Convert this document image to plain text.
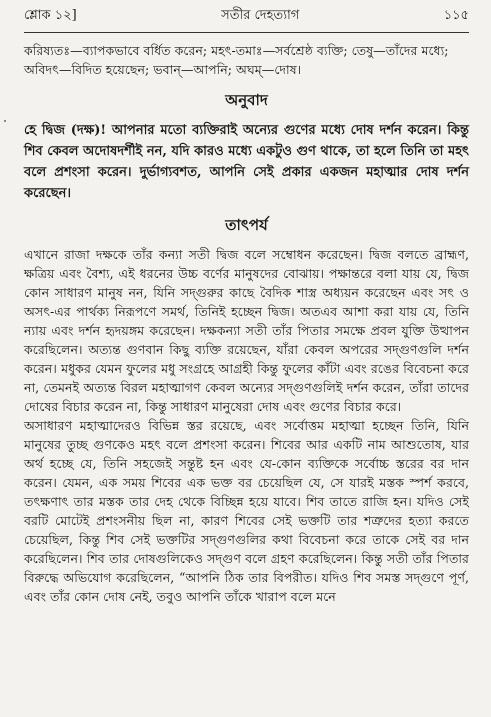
শ্লোক ১২]	সতীর দেহত্যাগ	১১৫

করিষ্যতঃ—ব্যাপকভাবে বর্ধিত করেন; মহৎ-তমাঃ—সর্বশ্রেষ্ঠ ব্যক্তি; তেষু—তাঁদের মধ্যে; অবিদৎ—বিদিত হয়েছেন; ভবান্—আপনি; অঘম্—দোষ।

অনুবাদ

হে দ্বিজ (দক্ষ)! আপনার মতো ব্যক্তিরাই অন্যের গুণের মধ্যে দোষ দর্শন করেন। কিন্তু শিব কেবল অদোষদর্শীই নন, যদি কারও মধ্যে একটুও গুণ থাকে, তা হলে তিনি তা মহৎ বলে প্রশংসা করেন। দুর্ভাগ্যবশত, আপনি সেই প্রকার একজন মহাত্মার দোষ দর্শন করেছেন।

তাৎপর্য

এখানে রাজা দক্ষকে তাঁর কন্যা সতী দ্বিজ বলে সম্বোধন করেছেন। দ্বিজ বলতে ব্রাহ্মণ, ক্ষত্রিয় এবং বৈশ্য, এই ধরনের উচ্চ বর্ণের মানুষদের বোঝায়। পক্ষান্তরে বলা যায় যে, দ্বিজ কোন সাধারণ মানুষ নন, যিনি সদ্গুরুর কাছে বৈদিক শাস্ত্র অধ্যয়ন করেছেন এবং সৎ ও অসৎ-এর পার্থক্য নিরূপণে সমর্থ, তিনিই হচ্ছেন দ্বিজ। অতএব আশা করা যায় যে, তিনি ন্যায় এবং দর্শন হৃদয়ঙ্গম করেছেন। দক্ষকন্যা সতী তাঁর পিতার সমক্ষে প্রবল যুক্তি উত্থাপন করেছিলেন। অত্যন্ত গুণবান কিছু ব্যক্তি রয়েছেন, যাঁরা কেবল অপরের সদ্গুণগুলি দর্শন করেন। মধুকর যেমন ফুলের মধু সংগ্রহে আগ্রহী কিন্তু ফুলের কাঁটা এবং রঙের বিবেচনা করে না, তেমনই অত্যন্ত বিরল মহাত্মাগণ কেবল অন্যের সদ্গুণগুলিই দর্শন করেন, তাঁরা তাদের দোষের বিচার করেন না, কিন্তু সাধারণ মানুষেরা দোষ এবং গুণের বিচার করে।

অসাধারণ মহাত্মাদেরও বিভিন্ন স্তর রয়েছে, এবং সর্বোত্তম মহাত্মা হচ্ছেন তিনি, যিনি মানুষের তুচ্ছ গুণকেও মহৎ বলে প্রশংসা করেন। শিবের আর একটি নাম আশুতোষ, যার অর্থ হচ্ছে যে, তিনি সহজেই সন্তুষ্ট হন এবং যে-কোন ব্যক্তিকে সর্বোচ্চ স্তরের বর দান করেন। যেমন, এক সময় শিবের এক ভক্ত বর চেয়েছিল যে, সে যারই মস্তক স্পর্শ করবে, তৎক্ষণাৎ তার মস্তক তার দেহ থেকে বিচ্ছিন্ন হয়ে যাবে। শিব তাতে রাজি হন। যদিও সেই বরটি মোটেই প্রশংসনীয় ছিল না, কারণ শিবের সেই ভক্তটি তার শত্রুদের হত্যা করতে চেয়েছিল, কিন্তু শিব সেই ভক্তটির সদ্গুণগুলির কথা বিবেচনা করে তাকে সেই বর দান করেছিলেন। শিব তার দোষগুলিকেও সদ্গুণ বলে গ্রহণ করেছিলেন। কিন্তু সতী তাঁর পিতার বিরুদ্ধে অভিযোগ করেছিলেন, “আপনি ঠিক তার বিপরীত। যদিও শিব সমস্ত সদ্গুণে পূর্ণ, এবং তাঁর কোন দোষ নেই, তবুও আপনি তাঁকে খারাপ বলে মনে
